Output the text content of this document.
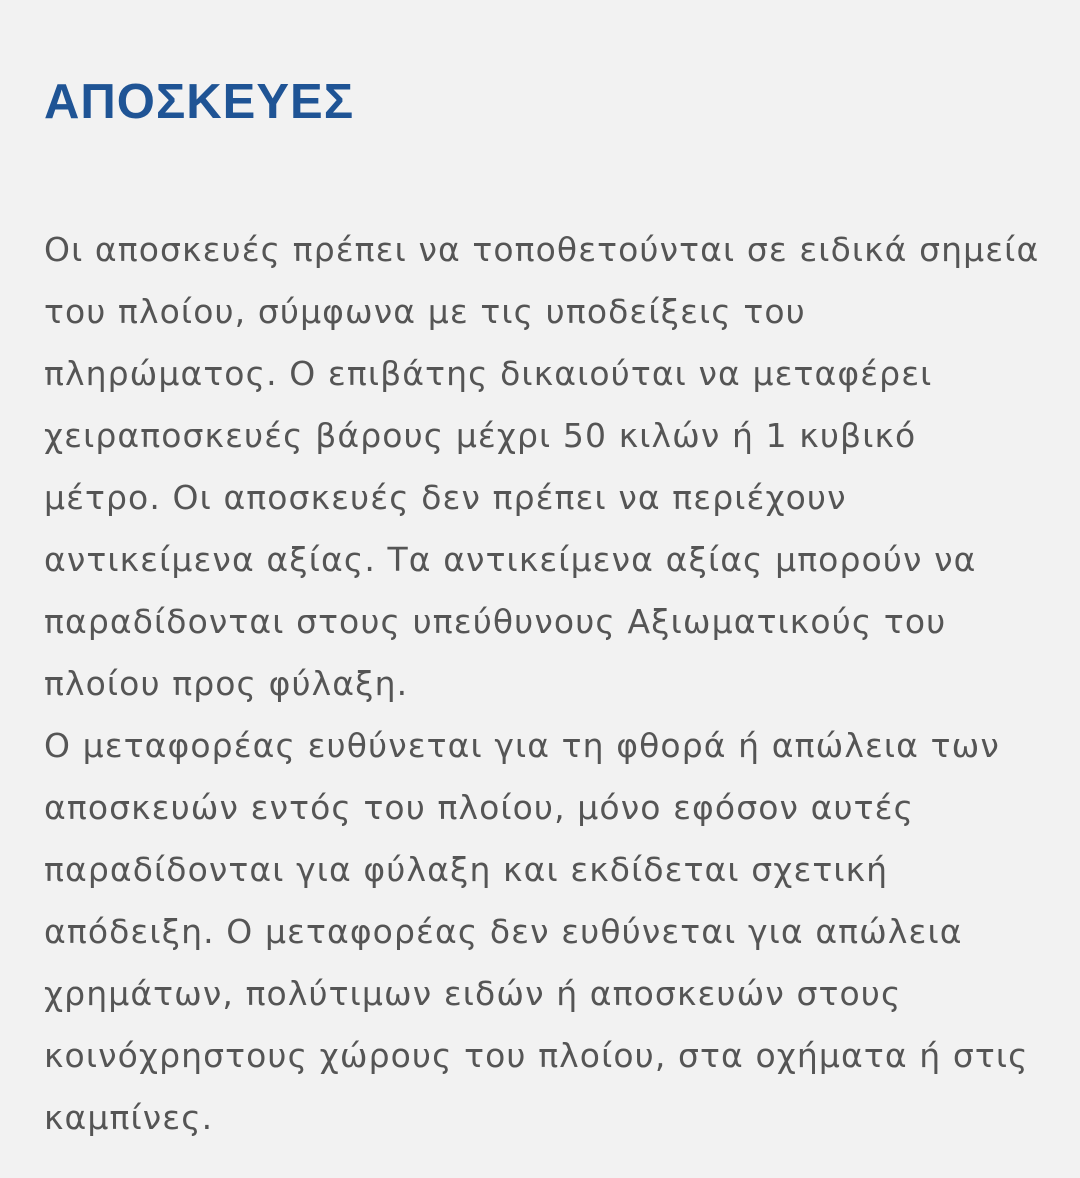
ΑΠΟΣΚΕΥΕΣ

Οι αποσκευές πρέπει να τοποθετούνται σε ειδικά σημεία του πλοίου, σύμφωνα με τις υποδείξεις του πληρώματος. Ο επιβάτης δικαιούται να μεταφέρει χειραποσκευές βάρους μέχρι 50 κιλών ή 1 κυβικό μέτρο. Οι αποσκευές δεν πρέπει να περιέχουν αντικείμενα αξίας. Τα αντικείμενα αξίας μπορούν να παραδίδονται στους υπεύθυνους Αξιωματικούς του πλοίου προς φύλαξη.

Ο μεταφορέας ευθύνεται για τη φθορά ή απώλεια των αποσκευών εντός του πλοίου, μόνο εφόσον αυτές παραδίδονται για φύλαξη και εκδίδεται σχετική απόδειξη. Ο μεταφορέας δεν ευθύνεται για απώλεια χρημάτων, πολύτιμων ειδών ή αποσκευών στους κοινόχρηστους χώρους του πλοίου, στα οχήματα ή στις καμπίνες.
